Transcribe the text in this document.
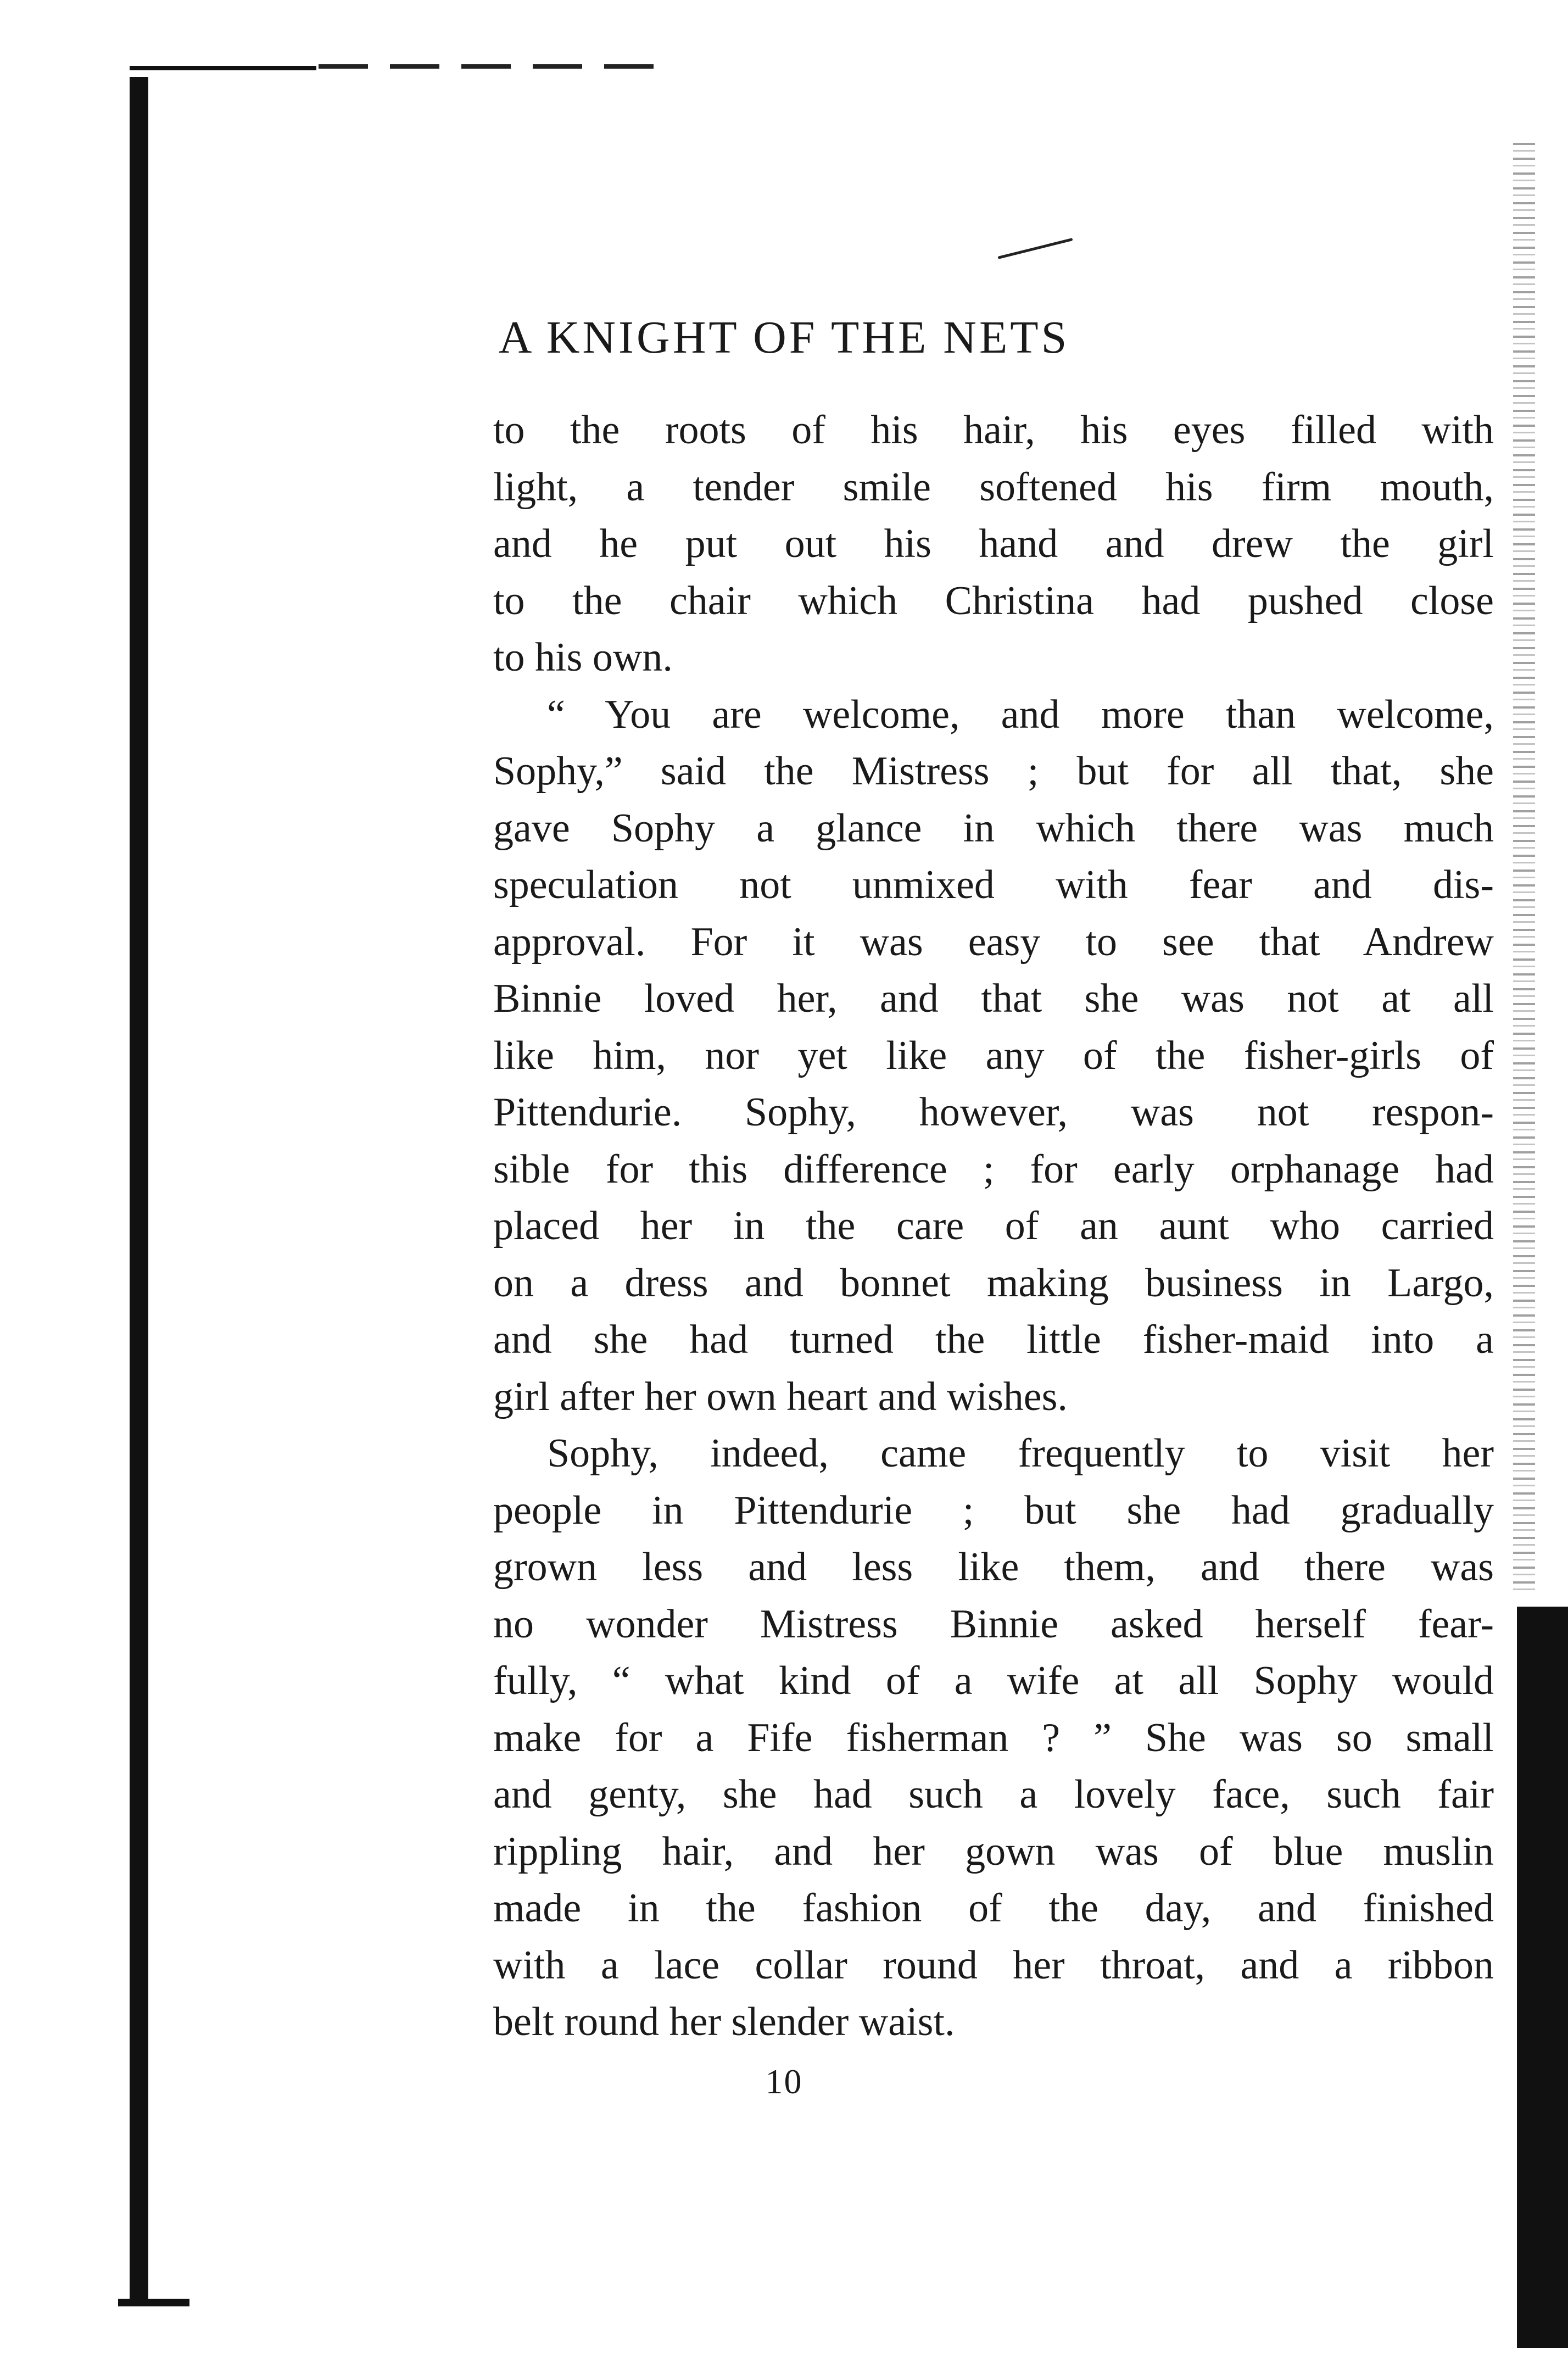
A KNIGHT OF THE NETS
to the roots of his hair, his eyes filled with
light, a tender smile softened his firm mouth,
and he put out his hand and drew the girl
to the chair which Christina had pushed close
to his own.
“ You are welcome, and more than welcome,
Sophy,” said the Mistress ; but for all that, she
gave Sophy a glance in which there was much
speculation not unmixed with fear and dis-
approval. For it was easy to see that Andrew
Binnie loved her, and that she was not at all
like him, nor yet like any of the fisher-girls of
Pittendurie. Sophy, however, was not respon-
sible for this difference ; for early orphanage had
placed her in the care of an aunt who carried
on a dress and bonnet making business in Largo,
and she had turned the little fisher-maid into a
girl after her own heart and wishes.
Sophy, indeed, came frequently to visit her
people in Pittendurie ; but she had gradually
grown less and less like them, and there was
no wonder Mistress Binnie asked herself fear-
fully, “ what kind of a wife at all Sophy would
make for a Fife fisherman ? ” She was so small
and genty, she had such a lovely face, such fair
rippling hair, and her gown was of blue muslin
made in the fashion of the day, and finished
with a lace collar round her throat, and a ribbon
belt round her slender waist.
10
